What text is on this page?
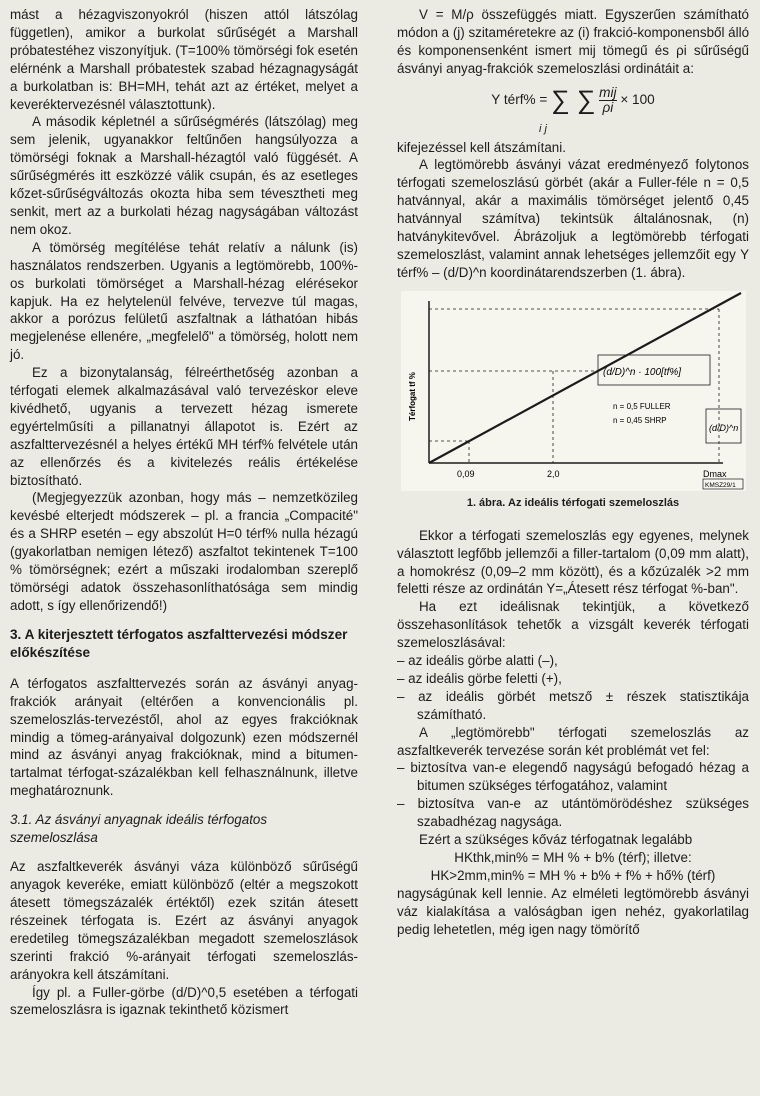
mást a hézagviszonyokról (hiszen attól látszólag független), amikor a burkolat sűrűségét a Marshall próbatestéhez viszonyítjuk. (T=100% tömörségi fok esetén elérnénk a Marshall próbatestek szabad hézagnagyságát a burkolatban is: BH=MH, tehát azt az értéket, melyet a keveréktervezésnél választottunk).

A második képletnél a sűrűségmérés (látszólag) meg sem jelenik, ugyanakkor feltűnően hangsúlyozza a tömörségi foknak a Marshall-hézagtól való függését. A sűrűségmérés itt eszközzé válik csupán, és az esetleges kőzet-sűrűségváltozás okozta hiba sem tévesztheti meg senkit, mert az a burkolati hézag nagyságában változást nem okoz.

A tömörség megítélése tehát relatív a nálunk (is) használatos rendszerben. Ugyanis a legtömörebb, 100%-os burkolati tömörséget a Marshall-hézag elérésekor kapjuk. Ha ez helytelenül felvéve, tervezve túl magas, akkor a porózus felületű aszfaltnak a láthatóan hibás megjelenése ellenére, „megfelelő" a tömörség, holott nem jó.

Ez a bizonytalanság, félreérthetőség azonban a térfogati elemek alkalmazásával való tervezéskor eleve kivédhető, ugyanis a tervezett hézag ismerete egyértelműsíti a pillanatnyi állapotot is. Ezért az aszfalttervezésnél a helyes értékű MH térf% felvétele után az ellenőrzés és a kivitelezés reális értékelése biztosítható.

(Megjegyezzük azonban, hogy más – nemzetközileg kevésbé elterjedt módszerek – pl. a francia „Compacité" és a SHRP esetén – egy abszolút H=0 térf% nulla hézagú (gyakorlatban nemigen létező) aszfaltot tekintenek T=100 % tömörségnek; ezért a műszaki irodalomban szereplő tömörségi adatok összehasonlíthatósága sem mindig adott, s így ellenőrizendő!)

3. A kiterjesztett térfogatos aszfalttervezési módszer előkészítése

A térfogatos aszfalttervezés során az ásványi anyag-frakciók arányait (eltérően a konvencionális pl. szemeloszlás-tervezéstől, ahol az egyes frakcióknak mindig a tömeg-arányaival dolgozunk) ezen módszernél mind az ásványi anyag frakcióknak, mind a bitumen-tartalmat térfogat-százalékban kell felhasználnunk, illetve meghatároznunk.

3.1. Az ásványi anyagnak ideális térfogatos szemeloszlása

Az aszfaltkeverék ásványi váza különböző sűrűségű anyagok keveréke, emiatt különböző (eltér a megszokott átesett tömegszázalék értéktől) ezek szitán átesett részeinek térfogata is. Ezért az ásványi anyagok eredetileg tömegszázalékban megadott szemeloszlások szerinti frakció %-arányait térfogati szemeloszlás-arányokra kell átszámítani.

Így pl. a Fuller-görbe (d/D)^0,5 esetében a térfogati szemeloszlásra is igaznak tekinthető közismert

V = M/ρ összefüggés miatt. Egyszerűen számítható módon a (j) szitaméretekre az (i) frakció-komponensből álló és komponensenként ismert mij tömegű és ρi sűrűségű ásványi anyag-frakciók szemeloszlási ordinátáit a:

Y térf% = ∑ ∑ $\frac{\text{mij}}{\rho i} \times 100$

i j

kifejezéssel kell átszámítani.

A legtömörebb ásványi vázat eredményező folytonos térfogati szemeloszlású görbét (akár a Fuller-féle n = 0,5 hatvánnyal, akár a maximális tömörséget jelentő 0,45 hatvánnyal számítva) tekintsük általánosnak, (n) hatványkitevővel. Ábrázoljuk a legtömörebb térfogati szemeloszlást, valamint annak lehetséges jellemzőit egy Y térf% – (d/D)^n koordinátarendszerben (1. ábra).

0,09	2,0	Dmax
Térfogat tf %	(d/D)^n · 100[tf%]
n = 0,5 FULLER
n = 0,45 SHRP
(d/D)^n
KMSZ29/1

1. ábra. Az ideális térfogati szemeloszlás

Ekkor a térfogati szemeloszlás egy egyenes, melynek választott legfőbb jellemzői a filler-tartalom (0,09 mm alatt), a homokrész (0,09–2 mm között), és a kőzúzalék >2 mm feletti része az ordinátán Y=„Átesett rész térfogat %-ban".

Ha ezt ideálisnak tekintjük, a következő összehasonlítások tehetők a vizsgált keverék térfogati szemeloszlásával:

– az ideális görbe alatti (–),

– az ideális görbe feletti (+),

– az ideális görbét metsző ± részek statisztikája számítható.

A „legtömörebb" térfogati szemeloszlás az aszfaltkeverék tervezése során két problémát vet fel:

– biztosítva van-e elegendő nagyságú befogadó hézag a bitumen szükséges térfogatához, valamint

– biztosítva van-e az utántömörödéshez szükséges szabadhézag nagysága.

Ezért a szükséges kőváz térfogatnak legalább

HKthk,min% = MH % + b% (térf); illetve:

HK>2mm,min% = MH % + b% + f% + hő% (térf)

nagyságúnak kell lennie. Az elméleti legtömörebb ásványi váz kialakítása a valóságban igen nehéz, gyakorlatilag pedig lehetetlen, még igen nagy tömörítő
